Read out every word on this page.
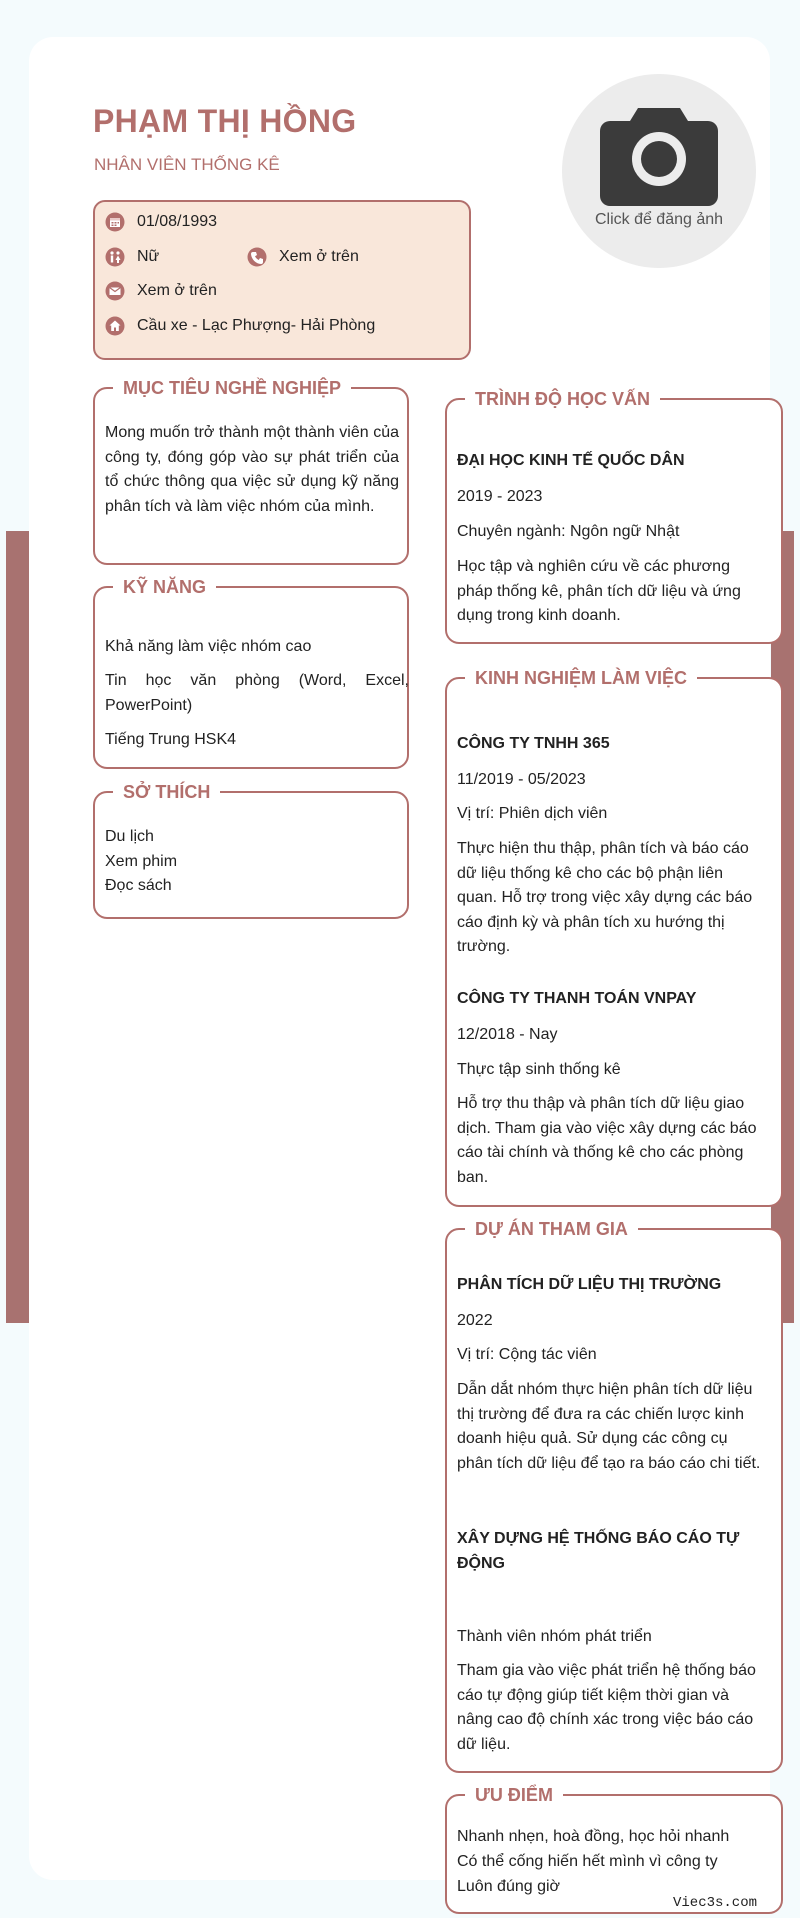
PHẠM THỊ HỒNG
NHÂN VIÊN THỐNG KÊ
Click để đăng ảnh
01/08/1993
Nữ	Xem ở trên
Xem ở trên
Cầu xe - Lạc Phượng- Hải Phòng
MỤC TIÊU NGHỀ NGHIỆP
Mong muốn trở thành một thành viên của công ty, đóng góp vào sự phát triển của tổ chức thông qua việc sử dụng kỹ năng phân tích và làm việc nhóm của mình.
KỸ NĂNG
Khả năng làm việc nhóm cao
Tin học văn phòng (Word, Excel, PowerPoint)
Tiếng Trung HSK4
SỞ THÍCH
Du lịch
Xem phim
Đọc sách
TRÌNH ĐỘ HỌC VẤN
ĐẠI HỌC KINH TẾ QUỐC DÂN
2019 - 2023
Chuyên ngành: Ngôn ngữ Nhật
Học tập và nghiên cứu về các phương pháp thống kê, phân tích dữ liệu và ứng dụng trong kinh doanh.
KINH NGHIỆM LÀM VIỆC
CÔNG TY TNHH 365
11/2019 - 05/2023
Vị trí: Phiên dịch viên
Thực hiện thu thập, phân tích và báo cáo dữ liệu thống kê cho các bộ phận liên quan. Hỗ trợ trong việc xây dựng các báo cáo định kỳ và phân tích xu hướng thị trường.
CÔNG TY THANH TOÁN VNPAY
12/2018 - Nay
Thực tập sinh thống kê
Hỗ trợ thu thập và phân tích dữ liệu giao dịch. Tham gia vào việc xây dựng các báo cáo tài chính và thống kê cho các phòng ban.
DỰ ÁN THAM GIA
PHÂN TÍCH DỮ LIỆU THỊ TRƯỜNG
2022
Vị trí: Cộng tác viên
Dẫn dắt nhóm thực hiện phân tích dữ liệu thị trường để đưa ra các chiến lược kinh doanh hiệu quả. Sử dụng các công cụ phân tích dữ liệu để tạo ra báo cáo chi tiết.
XÂY DỰNG HỆ THỐNG BÁO CÁO TỰ ĐỘNG
Thành viên nhóm phát triển
Tham gia vào việc phát triển hệ thống báo cáo tự động giúp tiết kiệm thời gian và nâng cao độ chính xác trong việc báo cáo dữ liệu.
ƯU ĐIỂM
Nhanh nhẹn, hoà đồng, học hỏi nhanh
Có thể cống hiến hết mình vì công ty
Luôn đúng giờ
Viec3s.com
